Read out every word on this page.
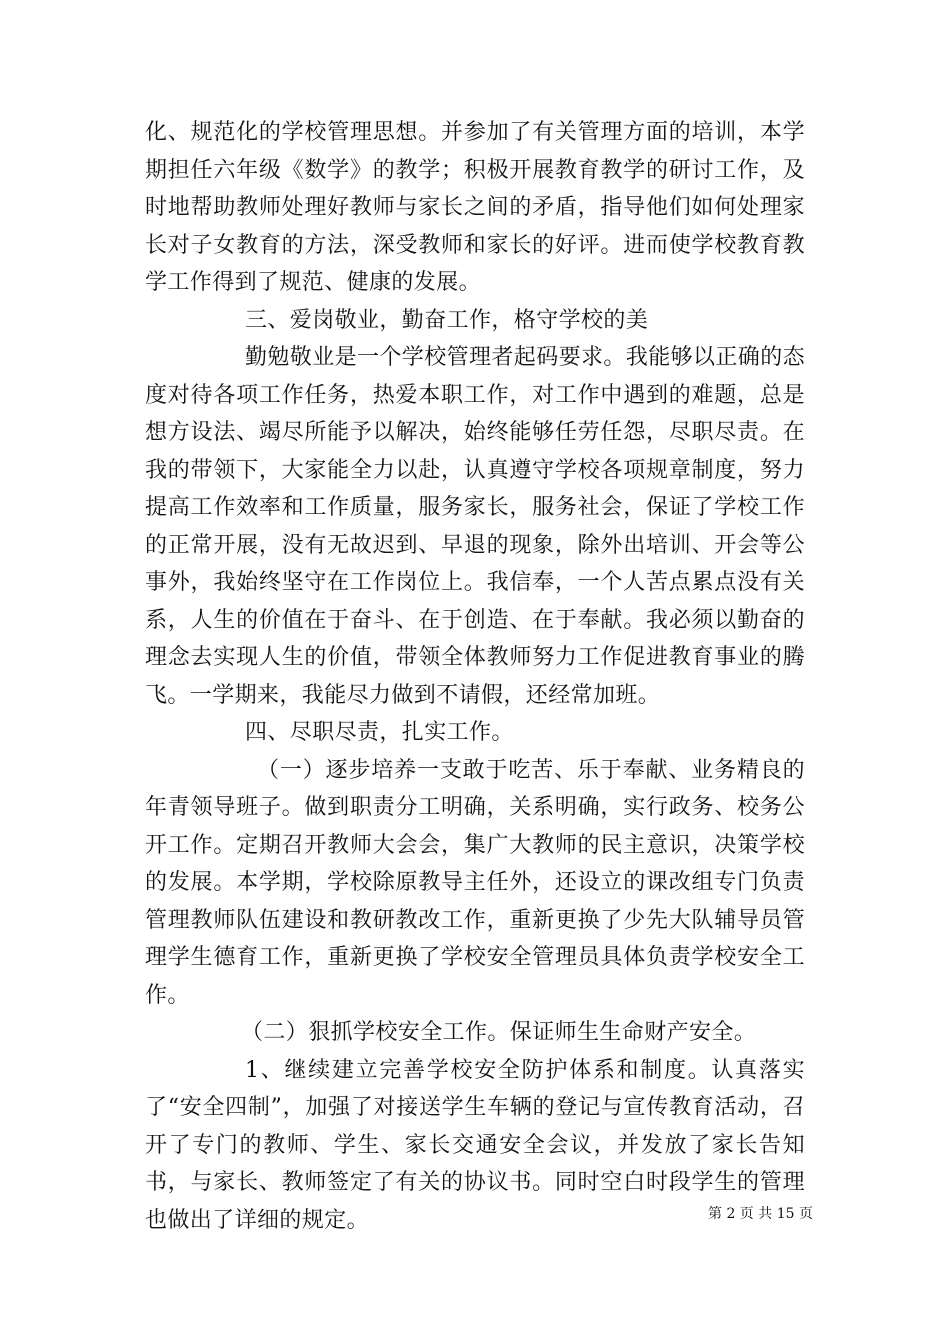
化、规范化的学校管理思想。并参加了有关管理方面的培训，本学期担任六年级《数学》的教学；积极开展教育教学的研讨工作，及时地帮助教师处理好教师与家长之间的矛盾，指导他们如何处理家长对子女教育的方法，深受教师和家长的好评。进而使学校教育教学工作得到了规范、健康的发展。

三、爱岗敬业，勤奋工作，格守学校的美

勤勉敬业是一个学校管理者起码要求。我能够以正确的态度对待各项工作任务，热爱本职工作，对工作中遇到的难题，总是想方设法、竭尽所能予以解决，始终能够任劳任怨，尽职尽责。在我的带领下，大家能全力以赴，认真遵守学校各项规章制度，努力提高工作效率和工作质量，服务家长，服务社会，保证了学校工作的正常开展，没有无故迟到、早退的现象，除外出培训、开会等公事外，我始终坚守在工作岗位上。我信奉，一个人苦点累点没有关系，人生的价值在于奋斗、在于创造、在于奉献。我必须以勤奋的理念去实现人生的价值，带领全体教师努力工作促进教育事业的腾飞。一学期来，我能尽力做到不请假，还经常加班。

四、尽职尽责，扎实工作。

（一）逐步培养一支敢于吃苦、乐于奉献、业务精良的年青领导班子。做到职责分工明确，关系明确，实行政务、校务公开工作。定期召开教师大会会，集广大教师的民主意识，决策学校的发展。本学期，学校除原教导主任外，还设立的课改组专门负责管理教师队伍建设和教研教改工作，重新更换了少先大队辅导员管理学生德育工作，重新更换了学校安全管理员具体负责学校安全工作。

（二）狠抓学校安全工作。保证师生生命财产安全。

1、继续建立完善学校安全防护体系和制度。认真落实了“安全四制”，加强了对接送学生车辆的登记与宣传教育活动，召开了专门的教师、学生、家长交通安全会议，并发放了家长告知书，与家长、教师签定了有关的协议书。同时空白时段学生的管理也做出了详细的规定。	第 2 页 共 15 页
